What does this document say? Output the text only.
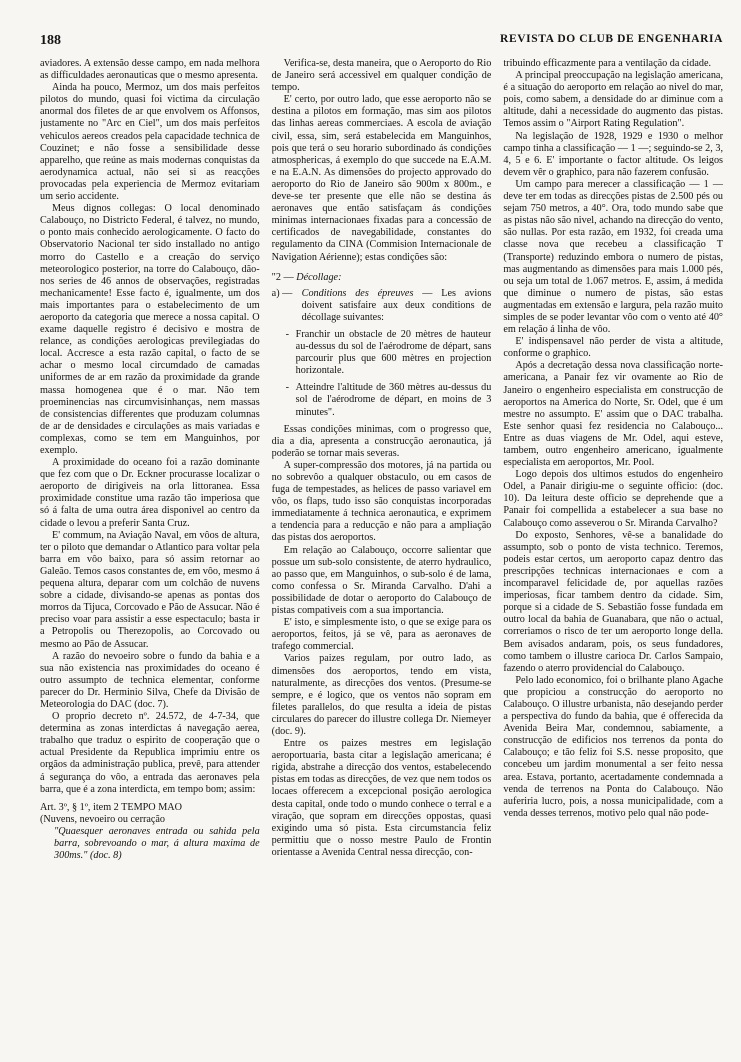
188	REVISTA DO CLUB DE ENGENHARIA

aviadores. A extensão desse campo, em nada melhora as difficuldades aeronauticas que o mesmo apresenta.

Ainda ha pouco, Mermoz, um dos mais perfeitos pilotos do mundo, quasi foi victima da circulação anormal dos filetes de ar que envolvem os Affonsos, justamente no "Arc en Ciel", um dos mais perfeitos vehiculos aereos creados pela capacidade technica de Couzinet; e não fosse a sensibilidade desse apparelho, que reúne as mais modernas conquistas da aerodynamica actual, não sei si as reacções provocadas pela experiencia de Mermoz evitariam um serio accidente.

Meus dignos collegas: O local denominado Calabouço, no Districto Federal, é talvez, no mundo, o ponto mais conhecido aerologicamente. O facto do Observatorio Nacional ter sido installado no antigo morro do Castello e a creação do serviço meteorologico posterior, na torre do Calabouço, dão-nos series de 46 annos de observações, registradas mechanicamente! Esse facto é, igualmente, um dos mais importantes para o estabelecimento de um aeroporto da categoria que merece a nossa capital. O exame daquelle registro é decisivo e mostra de relance, as condições aerologicas previlegiadas do local. Accresce a esta razão capital, o facto de se achar o mesmo local circumdado de camadas uniformes de ar em razão da proximidade da grande massa homogenea que é o mar. Não tem proeminencias nas circumvisinhanças, nem massas de consistencias differentes que produzam columnas de ar de densidades e circulações as mais variadas e complexas, como se tem em Manguinhos, por exemplo.

A proximidade do oceano foi a razão dominante que fez com que o Dr. Eckner procurasse localizar o aeroporto de dirigiveis na orla littoranea. Essa proximidade constitue uma razão tão imperiosa que só á falta de uma outra área disponivel ao centro da cidade o levou a preferir Santa Cruz.

E' commum, na Aviação Naval, em vôos de altura, ter o piloto que demandar o Atlantico para voltar pela barra em vôo baixo, para só assim retornar ao Galeão. Temos casos constantes de, em vôo, mesmo á pequena altura, deparar com um colchão de nuvens sobre a cidade, divisando-se apenas as pontas dos morros da Tijuca, Corcovado e Pão de Assucar. Não é preciso voar para assistir a esse espectaculo; basta ir a Petropolis ou Therezopolis, ao Corcovado ou mesmo ao Pão de Assucar.

A razão do nevoeiro sobre o fundo da bahia e a sua não existencia nas proximidades do oceano é outro assumpto de technica elementar, conforme parecer do Dr. Herminio Silva, Chefe da Divisão de Meteorologia do DAC (doc. 7).

O proprio decreto nº. 24.572, de 4-7-34, que determina as zonas interdictas á navegação aerea, trabalho que traduz o espirito de cooperação que o actual Presidente da Republica imprimiu entre os orgãos da administração publica, prevê, para attender á segurança do vôo, a entrada das aeronaves pela barra, que é a zona interdicta, em tempo bom; assim:

Art. 3º, § 1º, item 2 TEMPO MAO

(Nuvens, nevoeiro ou cerração

"Quaesquer aeronaves entrada ou sahida pela barra, sobrevoando o mar, á altura maxima de 300ms." (doc. 8)

Verifica-se, desta maneira, que o Aeroporto do Rio de Janeiro será accessivel em qualquer condição de tempo.

E' certo, por outro lado, que esse aeroporto não se destina a pilotos em formação, mas sim aos pilotos das linhas aereas commerciaes. A escola de aviação civil, essa, sim, será estabelecida em Manguinhos, pois que terá o seu horario subordinado ás condições atmosphericas, á exemplo do que succede na E.A.M. e na E.A.N. As dimensões do projecto approvado do aeroporto do Rio de Janeiro são 900m x 800m., e deve-se ter presente que elle não se destina ás aeronaves que então satisfaçam ás condições minimas internacionaes fixadas para a concessão de certificados de navegabilidade, constantes do regulamento da CINA (Commision Internacionale de Navigation Aérienne); estas condições são:

"2 — Décollage:

a) — Conditions des épreuves — Les avions doivent satisfaire aux deux conditions de décollage suivantes:
- Franchir un obstacle de 20 mètres de hauteur au-dessus du sol de l'aérodrome de départ, sans parcourir plus que 600 mètres en projection horizontale.
- Atteindre l'altitude de 360 mètres au-dessus du sol de l'aérodrome de départ, en moins de 3 minutes".

Essas condições minimas, com o progresso que, dia a dia, apresenta a construcção aeronautica, já poderão se tornar mais severas.

A super-compressão dos motores, já na partida ou no sobrevôo a qualquer obstaculo, ou em casos de fuga de tempestades, as helices de passo variavel em vôo, os flaps, tudo isso são conquistas incorporadas immediatamente á technica aeronautica, e exprimem a tendencia para a reducção e não para a ampliação das pistas dos aeroportos.

Em relação ao Calabouço, occorre salientar que possue um sub-solo consistente, de aterro hydraulico, ao passo que, em Manguinhos, o sub-solo é de lama, como confessa o Sr. Miranda Carvalho. D'ahi a possibilidade de dotar o aeroporto do Calabouço de pistas compativeis com a sua importancia.

E' isto, e simplesmente isto, o que se exige para os aeroportos, feitos, já se vê, para as aeronaves de trafego commercial.

Varios paizes regulam, por outro lado, as dimensões dos aeroportos, tendo em vista, naturalmente, as direcções dos ventos. (Presume-se sempre, e é logico, que os ventos não sopram em filetes parallelos, do que resulta a ideia de pistas circulares do parecer do illustre collega Dr. Niemeyer (doc. 9).

Entre os paizes mestres em legislação aeroportuaria, basta citar a legislação americana; é rigida, abstrahe a direcção dos ventos, estabelecendo pistas em todas as direcções, de vez que nem todos os locaes offerecem a excepcional posição aerologica desta capital, onde todo o mundo conhece o terral e a viração, que sopram em direcções oppostas, quasi exigindo uma só pista. Esta circumstancia feliz permittiu que o nosso mestre Paulo de Frontin orientasse a Avenida Central nessa direcção, con-

tribuindo efficazmente para a ventilação da cidade.

A principal preoccupação na legislação americana, é a situação do aeroporto em relação ao nivel do mar, pois, como sabem, a densidade do ar diminue com a altitude, dahi a necessidade do augmento das pistas. Temos assim o "Airport Rating Regulation".

Na legislação de 1928, 1929 e 1930 o melhor campo tinha a classificação — 1 —; seguindo-se 2, 3, 4, 5 e 6. E' importante o factor altitude. Os leigos devem vêr o graphico, para não fazerem confusão.

Um campo para merecer a classificação — 1 — deve ter em todas as direcções pistas de 2.500 pés ou sejam 750 metros, a 40°. Ora, todo mundo sabe que as pistas não são nivel, achando na direcção do vento, são nullas. Por esta razão, em 1932, foi creada uma classe nova que recebeu a classificação T (Transporte) reduzindo embora o numero de pistas, mas augmentando as dimensões para mais 1.000 pés, ou seja um total de 1.067 metros. E, assim, á medida que diminue o numero de pistas, são estas augmentadas em extensão e largura, pela razão muito simples de se poder levantar vôo com o vento até 40° em relação á linha de vôo.

E' indispensavel não perder de vista a altitude, conforme o graphico.

Após a decretação dessa nova classificação norte-americana, a Panair fez vir ovamente ao Rio de Janeiro o engenheiro especialista em construcção de aeroportos na America do Norte, Sr. Odel, que é um mestre no assumpto. E' assim que o DAC trabalha. Este senhor quasi fez residencia no Calabouço... Entre as duas viagens de Mr. Odel, aqui esteve, tambem, outro engenheiro americano, igualmente especialista em aeroportos, Mr. Pool.

Logo depois dos ultimos estudos do engenheiro Odel, a Panair dirigiu-me o seguinte officio: (doc. 10). Da leitura deste officio se deprehende que a Panair foi compellida a estabelecer a sua base no Calabouço como asseverou o Sr. Miranda Carvalho?

Do exposto, Senhores, vê-se a banalidade do assumpto, sob o ponto de vista technico. Teremos, podeis estar certos, um aeroporto capaz dentro das prescripções technicas internacionaes e com a incomparavel felicidade de, por aquellas razões imperiosas, ficar tambem dentro da cidade. Sim, porque si a cidade de S. Sebastião fosse fundada em outro local da bahia de Guanabara, que não o actual, correriamos o risco de ter um aeroporto longe della. Bem avisados andaram, pois, os seus fundadores, como tambem o illustre carioca Dr. Carlos Sampaio, fazendo o aterro providencial do Calabouço.

Pelo lado economico, foi o brilhante plano Agache que propiciou a construcção do aeroporto no Calabouço. O illustre urbanista, não desejando perder a perspectiva do fundo da bahia, que é offerecida da Avenida Beira Mar, condemnou, sabiamente, a construcção de edificios nos terrenos da ponta do Calabouço; e tão feliz foi S.S. nesse proposito, que concebeu um jardim monumental a ser feito nessa area. Estava, portanto, acertadamente condemnada a venda de terrenos na Ponta do Calabouço. Não auferiria lucro, pois, a nossa municipalidade, com a venda desses terrenos, motivo pelo qual não pode-
